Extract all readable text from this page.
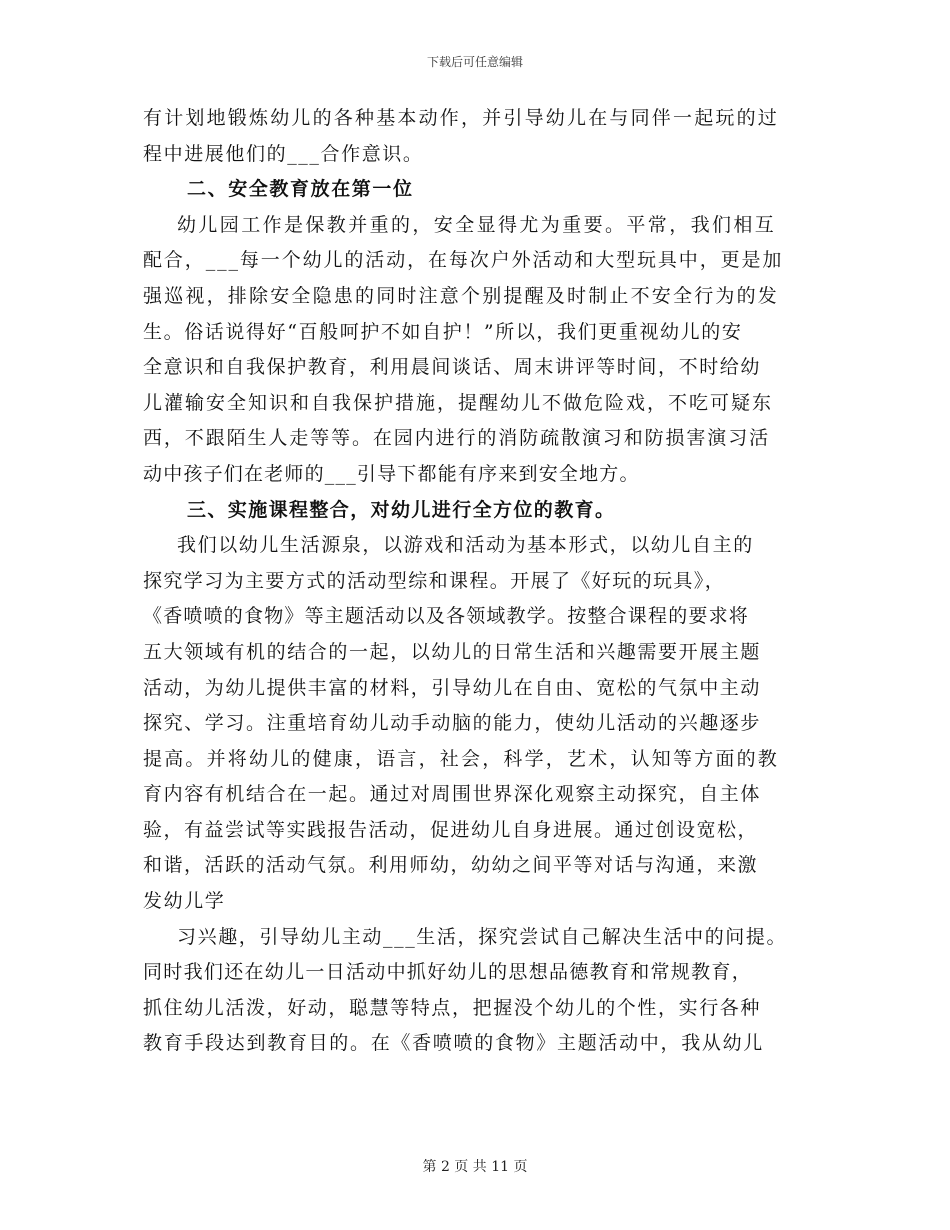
下载后可任意编辑
有计划地锻炼幼儿的各种基本动作，并引导幼儿在与同伴一起玩的过
程中进展他们的___合作意识。
二、安全教育放在第一位
幼儿园工作是保教并重的，安全显得尤为重要。平常，我们相互
配合，___每一个幼儿的活动，在每次户外活动和大型玩具中，更是加
强巡视，排除安全隐患的同时注意个别提醒及时制止不安全行为的发
生。俗话说得好“百般呵护不如自护！”所以，我们更重视幼儿的安
全意识和自我保护教育，利用晨间谈话、周末讲评等时间，不时给幼
儿灌输安全知识和自我保护措施，提醒幼儿不做危险戏，不吃可疑东
西，不跟陌生人走等等。在园内进行的消防疏散演习和防损害演习活
动中孩子们在老师的___引导下都能有序来到安全地方。
三、实施课程整合，对幼儿进行全方位的教育。
我们以幼儿生活源泉，以游戏和活动为基本形式，以幼儿自主的
探究学习为主要方式的活动型综和课程。开展了《好玩的玩具》，
《香喷喷的食物》等主题活动以及各领域教学。按整合课程的要求将
五大领域有机的结合的一起，以幼儿的日常生活和兴趣需要开展主题
活动，为幼儿提供丰富的材料，引导幼儿在自由、宽松的气氛中主动
探究、学习。注重培育幼儿动手动脑的能力，使幼儿活动的兴趣逐步
提高。并将幼儿的健康，语言，社会，科学，艺术，认知等方面的教
育内容有机结合在一起。通过对周围世界深化观察主动探究，自主体
验，有益尝试等实践报告活动，促进幼儿自身进展。通过创设宽松，
和谐，活跃的活动气氛。利用师幼，幼幼之间平等对话与沟通，来激
发幼儿学
习兴趣，引导幼儿主动___生活，探究尝试自己解决生活中的问提。
同时我们还在幼儿一日活动中抓好幼儿的思想品德教育和常规教育，
抓住幼儿活泼，好动，聪慧等特点，把握没个幼儿的个性，实行各种
教育手段达到教育目的。在《香喷喷的食物》主题活动中，我从幼儿
第 2 页 共 11 页
